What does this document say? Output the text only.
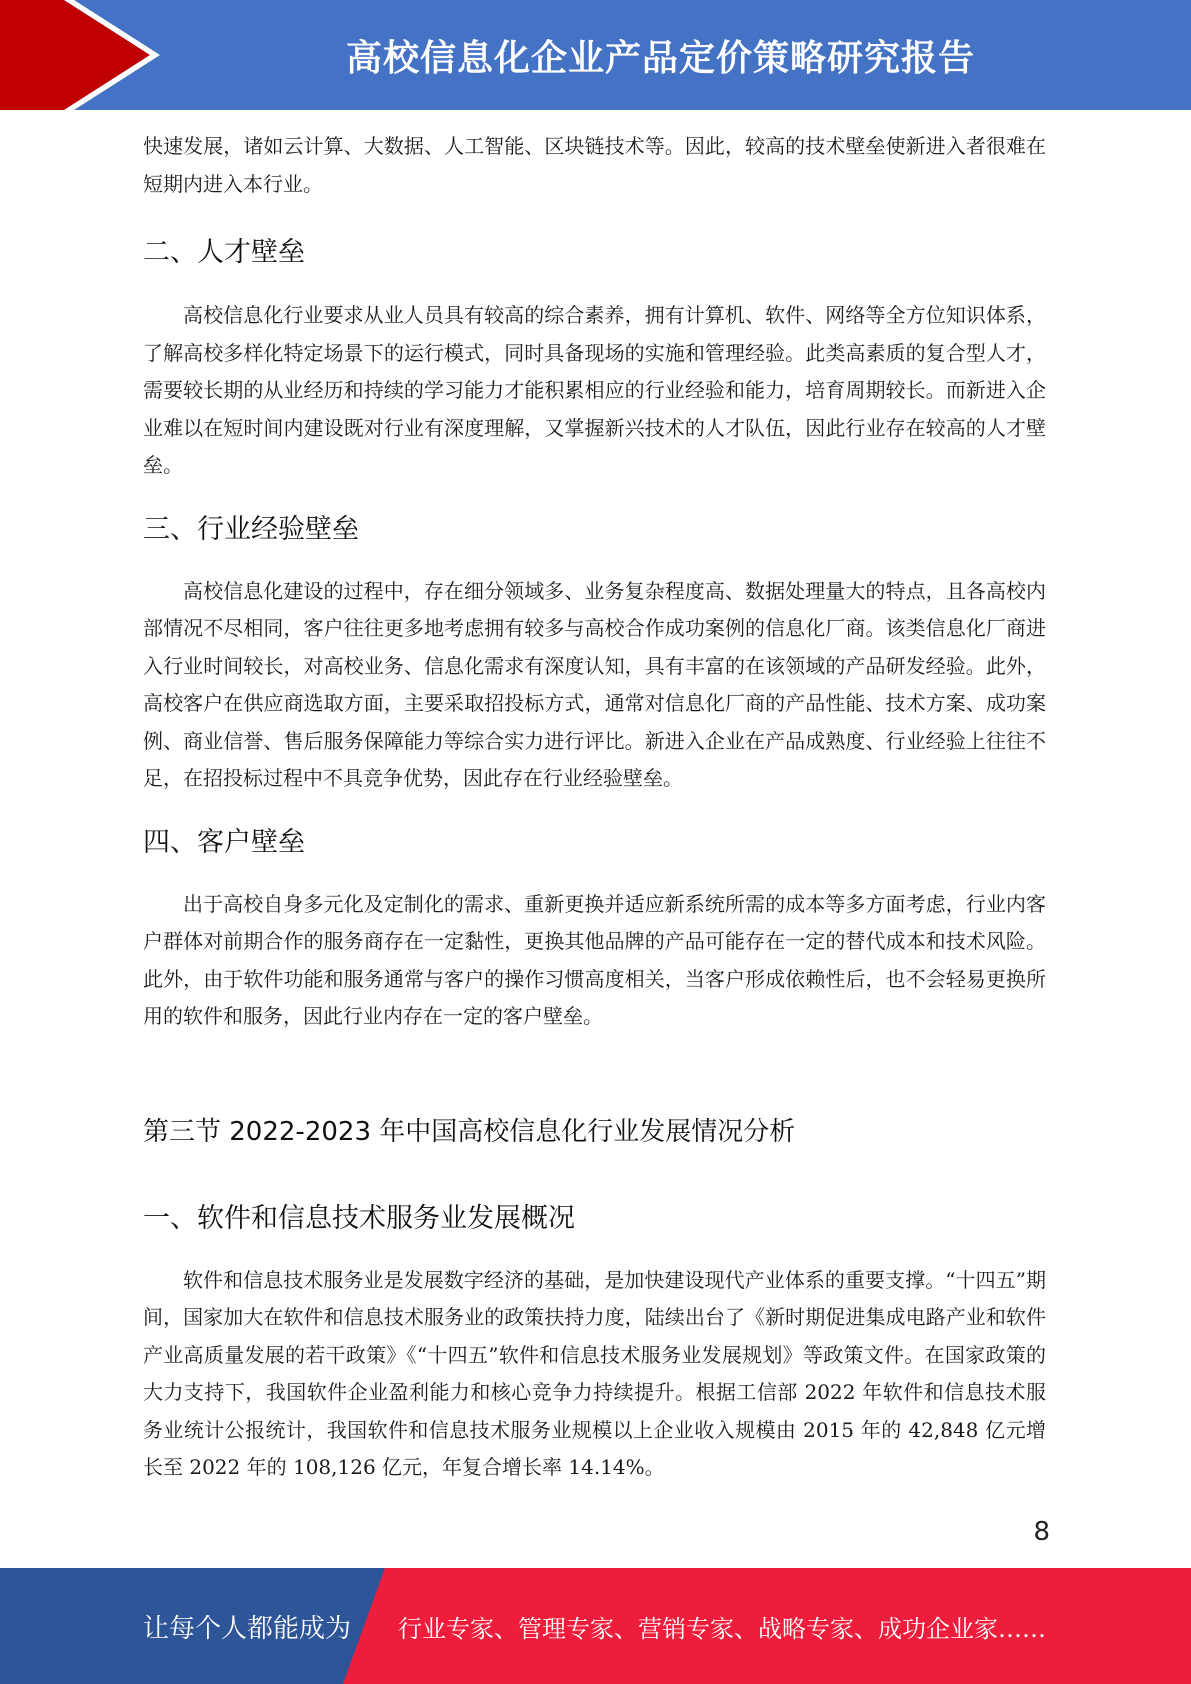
高校信息化企业产品定价策略研究报告

快速发展，诸如云计算、大数据、人工智能、区块链技术等。因此，较高的技术壁垒使新进入者很难在短期内进入本行业。

二、人才壁垒

高校信息化行业要求从业人员具有较高的综合素养，拥有计算机、软件、网络等全方位知识体系，了解高校多样化特定场景下的运行模式，同时具备现场的实施和管理经验。此类高素质的复合型人才，需要较长期的从业经历和持续的学习能力才能积累相应的行业经验和能力，培育周期较长。而新进入企业难以在短时间内建设既对行业有深度理解，又掌握新兴技术的人才队伍，因此行业存在较高的人才壁垒。

三、行业经验壁垒

高校信息化建设的过程中，存在细分领域多、业务复杂程度高、数据处理量大的特点，且各高校内部情况不尽相同，客户往往更多地考虑拥有较多与高校合作成功案例的信息化厂商。该类信息化厂商进入行业时间较长，对高校业务、信息化需求有深度认知，具有丰富的在该领域的产品研发经验。此外，高校客户在供应商选取方面，主要采取招投标方式，通常对信息化厂商的产品性能、技术方案、成功案例、商业信誉、售后服务保障能力等综合实力进行评比。新进入企业在产品成熟度、行业经验上往往不足，在招投标过程中不具竞争优势，因此存在行业经验壁垒。

四、客户壁垒

出于高校自身多元化及定制化的需求、重新更换并适应新系统所需的成本等多方面考虑，行业内客户群体对前期合作的服务商存在一定黏性，更换其他品牌的产品可能存在一定的替代成本和技术风险。此外，由于软件功能和服务通常与客户的操作习惯高度相关，当客户形成依赖性后，也不会轻易更换所用的软件和服务，因此行业内存在一定的客户壁垒。

第三节 2022-2023 年中国高校信息化行业发展情况分析
一、软件和信息技术服务业发展概况

软件和信息技术服务业是发展数字经济的基础，是加快建设现代产业体系的重要支撑。“十四五”期间，国家加大在软件和信息技术服务业的政策扶持力度，陆续出台了《新时期促进集成电路产业和软件产业高质量发展的若干政策》《“十四五”软件和信息技术服务业发展规划》等政策文件。在国家政策的大力支持下，我国软件企业盈利能力和核心竞争力持续提升。根据工信部 2022 年软件和信息技术服务业统计公报统计，我国软件和信息技术服务业规模以上企业收入规模由 2015 年的 42,848 亿元增长至 2022 年的 108,126 亿元，年复合增长率 14.14%。

8
让每个人都能成为 行业专家、管理专家、营销专家、战略专家、成功企业家……
